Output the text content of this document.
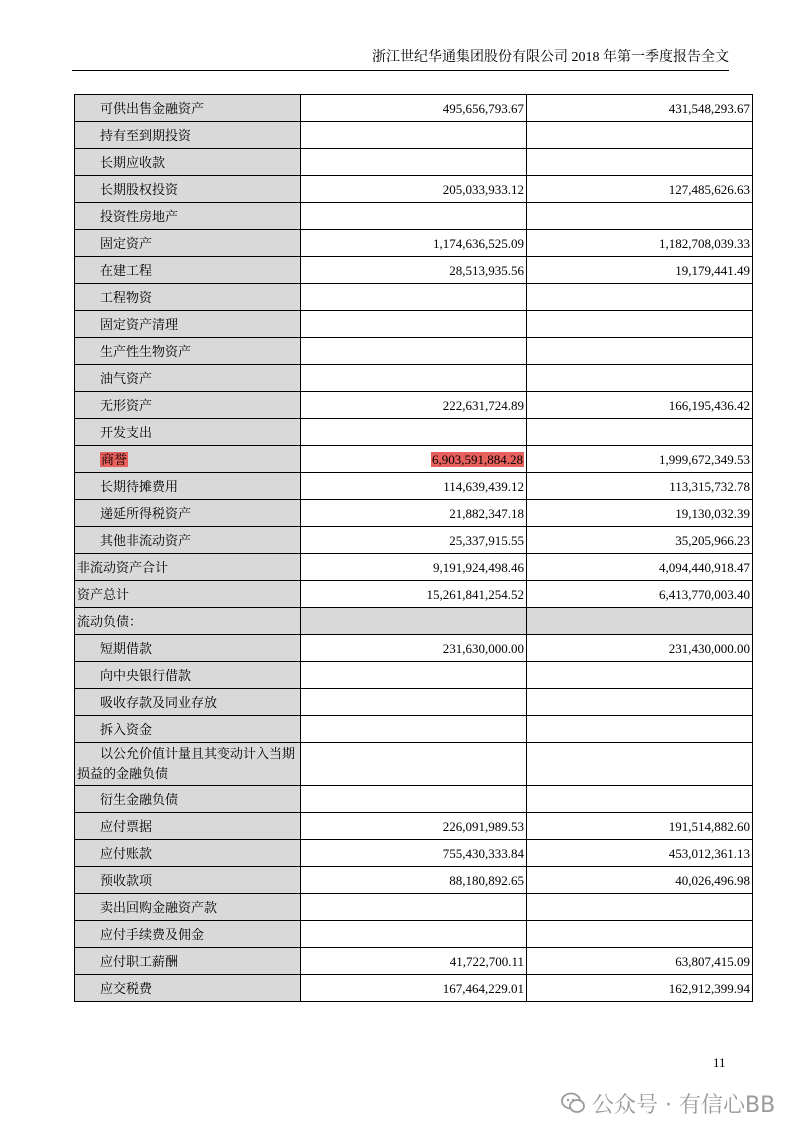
浙江世纪华通集团股份有限公司 2018 年第一季度报告全文
可供出售金融资产	495,656,793.67	431,548,293.67
持有至到期投资		
长期应收款		
长期股权投资	205,033,933.12	127,485,626.63
投资性房地产		
固定资产	1,174,636,525.09	1,182,708,039.33
在建工程	28,513,935.56	19,179,441.49
工程物资		
固定资产清理		
生产性生物资产		
油气资产		
无形资产	222,631,724.89	166,195,436.42
开发支出		
商誉	6,903,591,884.28	1,999,672,349.53
长期待摊费用	114,639,439.12	113,315,732.78
递延所得税资产	21,882,347.18	19,130,032.39
其他非流动资产	25,337,915.55	35,205,966.23
非流动资产合计	9,191,924,498.46	4,094,440,918.47
资产总计	15,261,841,254.52	6,413,770,003.40
流动负债：		
短期借款	231,630,000.00	231,430,000.00
向中央银行借款		
吸收存款及同业存放		
拆入资金		
以公允价值计量且其变动计入当期损益的金融负债		
衍生金融负债		
应付票据	226,091,989.53	191,514,882.60
应付账款	755,430,333.84	453,012,361.13
预收款项	88,180,892.65	40,026,496.98
卖出回购金融资产款		
应付手续费及佣金		
应付职工薪酬	41,722,700.11	63,807,415.09
应交税费	167,464,229.01	162,912,399.94
11
公众号 · 有信心BB
